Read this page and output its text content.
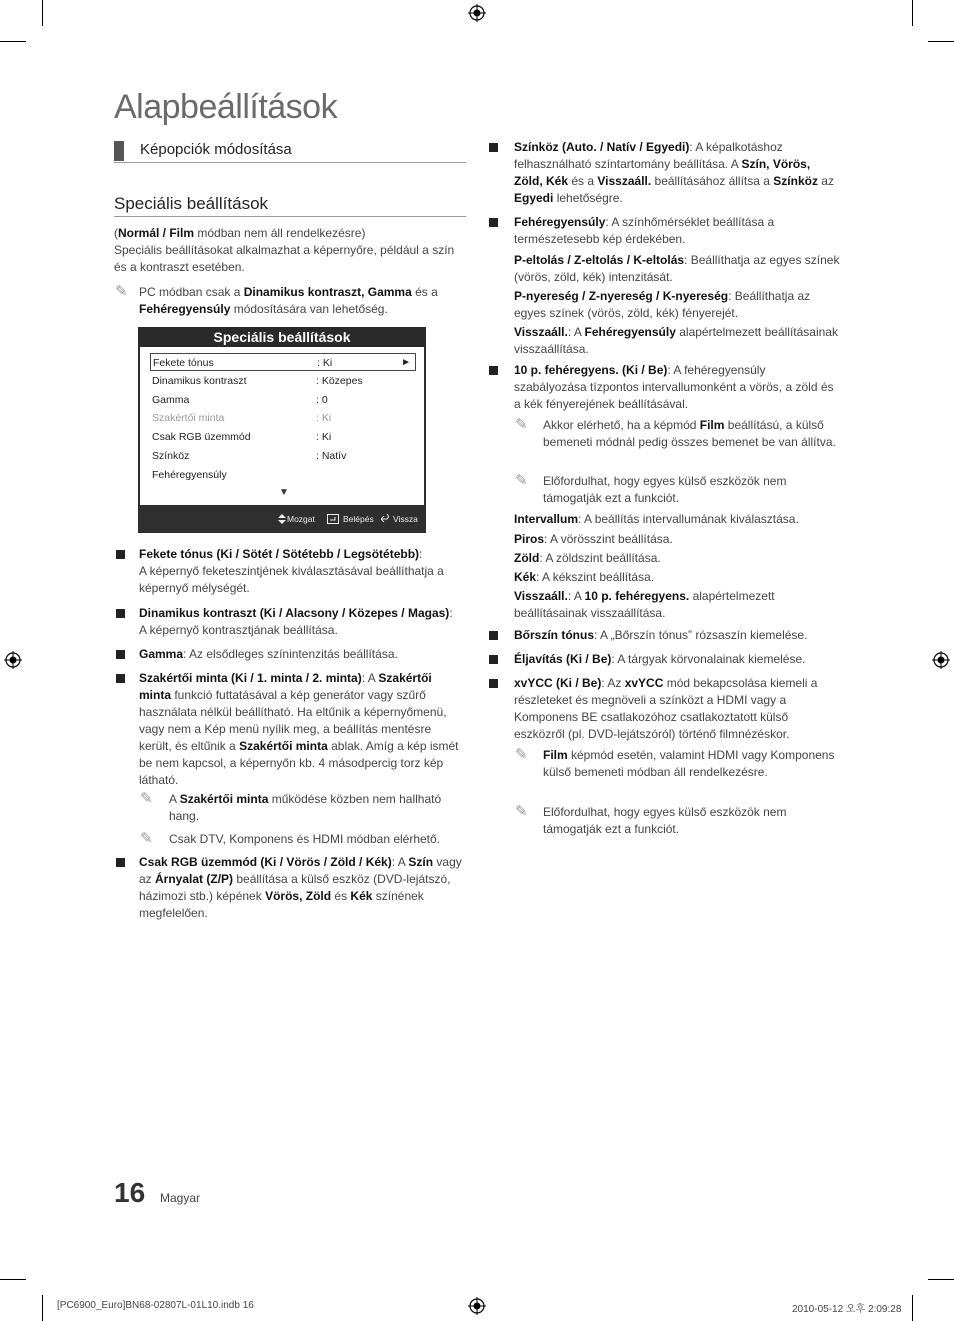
Alapbeállítások
Képopciók módosítása
Speciális beállítások
(Normál / Film módban nem áll rendelkezésre)
Speciális beállításokat alkalmazhat a képernyőre, például a szín és a kontraszt esetében.
✎ PC módban csak a Dinamikus kontraszt, Gamma és a Fehéregyensúly módosítására van lehetőség.
Speciális beállítások
Fekete tónus	: Ki	►
Dinamikus kontraszt	: Közepes
Gamma	: 0
Szakértői minta	: Ki
Csak RGB üzemmód	: Ki
Színköz	: Natív
Fehéregyensúly
▼
Mozgat	Belépés Vissza
Fekete tónus (Ki / Sötét / Sötétebb / Legsötétebb):
A képernyő feketeszintjének kiválasztásával beállíthatja a képernyő mélységét.
Dinamikus kontraszt (Ki / Alacsony / Közepes / Magas):
A képernyő kontrasztjának beállítása.
Gamma: Az elsődleges színintenzitás beállítása.
Szakértői minta (Ki / 1. minta / 2. minta): A Szakértői minta funkció futtatásával a kép generátor vagy szűrő használata nélkül beállítható. Ha eltűnik a képernyőmenü, vagy nem a Kép menü nyílik meg, a beállítás mentésre került, és eltűnik a Szakértői minta ablak. Amíg a kép ismét be nem kapcsol, a képernyőn kb. 4 másodpercig torz kép látható.
✎ A Szakértői minta működése közben nem hallható hang.
✎ Csak DTV, Komponens és HDMI módban elérhető.
Csak RGB üzemmód (Ki / Vörös / Zöld / Kék): A Szín vagy az Árnyalat (Z/P) beállítása a külső eszköz (DVD-lejátszó, házimozi stb.) képének Vörös, Zöld és Kék színének megfelelően.
Színköz (Auto. / Natív / Egyedi): A képalkotáshoz felhasználható színtartomány beállítása. A Szín, Vörös, Zöld, Kék és a Visszaáll. beállításához állítsa a Színköz az Egyedi lehetőségre.
Fehéregyensúly: A színhőmérséklet beállítása a természetesebb kép érdekében.
P-eltolás / Z-eltolás / K-eltolás: Beállíthatja az egyes színek (vörös, zöld, kék) intenzitását.
P-nyereség / Z-nyereség / K-nyereség: Beállíthatja az egyes színek (vörös, zöld, kék) fényerejét.
Visszaáll.: A Fehéregyensúly alapértelmezett beállításainak visszaállítása.
10 p. fehéregyens. (Ki / Be): A fehéregyensúly szabályozása tízpontos intervallumonként a vörös, a zöld és a kék fényerejének beállításával.
✎ Akkor elérhető, ha a képmód Film beállítású, a külső bemeneti módnál pedig összes bemenet be van állítva.
✎ Előfordulhat, hogy egyes külső eszközök nem támogatják ezt a funkciót.
Intervallum: A beállítás intervallumának kiválasztása.
Piros: A vörösszint beállítása.
Zöld: A zöldszint beállítása.
Kék: A kékszint beállítása.
Visszaáll.: A 10 p. fehéregyens. alapértelmezett beállításainak visszaállítása.
Bőrszín tónus: A „Bőrszín tónus” rózsaszín kiemelése.
Éljavítás (Ki / Be): A tárgyak körvonalainak kiemelése.
xvYCC (Ki / Be): Az xvYCC mód bekapcsolása kiemeli a részleteket és megnöveli a színközt a HDMI vagy a Komponens BE csatlakozóhoz csatlakoztatott külső eszközről (pl. DVD-lejátszóról) történő filmnézéskor.
✎ Film képmód esetén, valamint HDMI vagy Komponens külső bemeneti módban áll rendelkezésre.
✎ Előfordulhat, hogy egyes külső eszközök nem támogatják ezt a funkciót.
16 Magyar
[PC6900_Euro]BN68-02807L-01L10.indb 16	2010-05-12 오후 2:09:28
